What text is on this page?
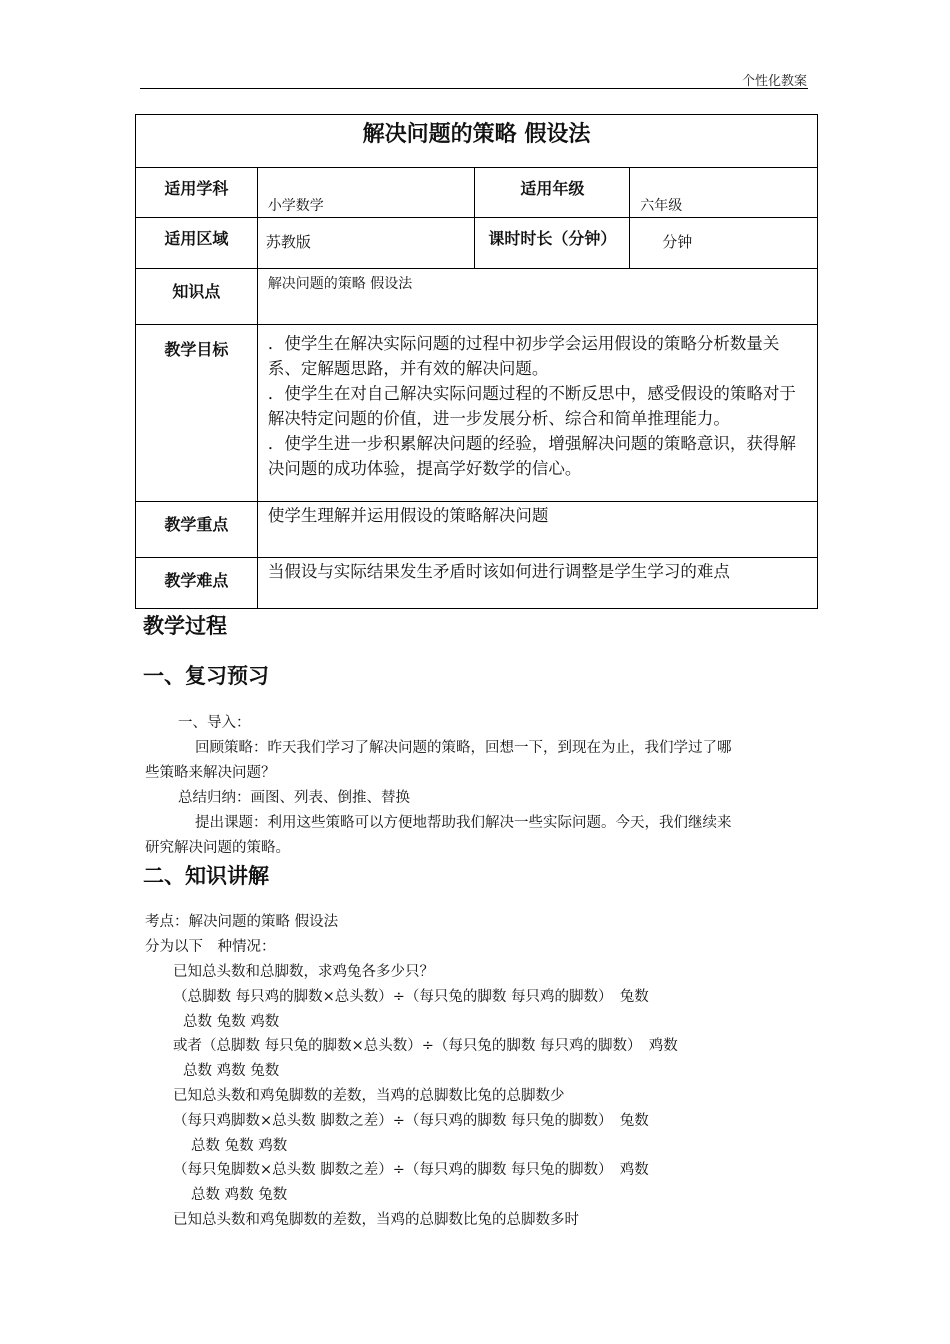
个性化教案
解决问题的策略 假设法			
适用学科	小学数学	适用年级	六年级
适用区域	苏教版	课时时长（分钟）	分钟
知识点	解决问题的策略 假设法		
教学目标	．使学生在解决实际问题的过程中初步学会运用假设的策略分析数量关系、定解题思路，并有效的解决问题。
．使学生在对自己解决实际问题过程的不断反思中，感受假设的策略对于解决特定问题的价值，进一步发展分析、综合和简单推理能力。
．使学生进一步积累解决问题的经验，增强解决问题的策略意识，获得解决问题的成功体验，提高学好数学的信心。		

教学重点	使学生理解并运用假设的策略解决问题		
教学难点	当假设与实际结果发生矛盾时该如何进行调整是学生学习的难点		
教学过程
一、复习预习
一、导入：
回顾策略：昨天我们学习了解决问题的策略，回想一下，到现在为止，我们学过了哪
些策略来解决问题？
总结归纳：画图、列表、倒推、替换
提出课题：利用这些策略可以方便地帮助我们解决一些实际问题。今天，我们继续来
研究解决问题的策略。
二、知识讲解
考点：解决问题的策略 假设法
分为以下　种情况：
已知总头数和总脚数，求鸡兔各多少只？
（总脚数 每只鸡的脚数×总头数）÷（每只兔的脚数 每只鸡的脚数）　兔数
总数 兔数 鸡数
或者（总脚数 每只兔的脚数×总头数）÷（每只兔的脚数 每只鸡的脚数）　鸡数
总数 鸡数 兔数
已知总头数和鸡兔脚数的差数，当鸡的总脚数比兔的总脚数少
（每只鸡脚数×总头数 脚数之差）÷（每只鸡的脚数 每只兔的脚数）　兔数
总数 兔数 鸡数
（每只兔脚数×总头数 脚数之差）÷（每只鸡的脚数 每只兔的脚数）　鸡数
总数 鸡数 兔数
已知总头数和鸡兔脚数的差数，当鸡的总脚数比兔的总脚数多时
